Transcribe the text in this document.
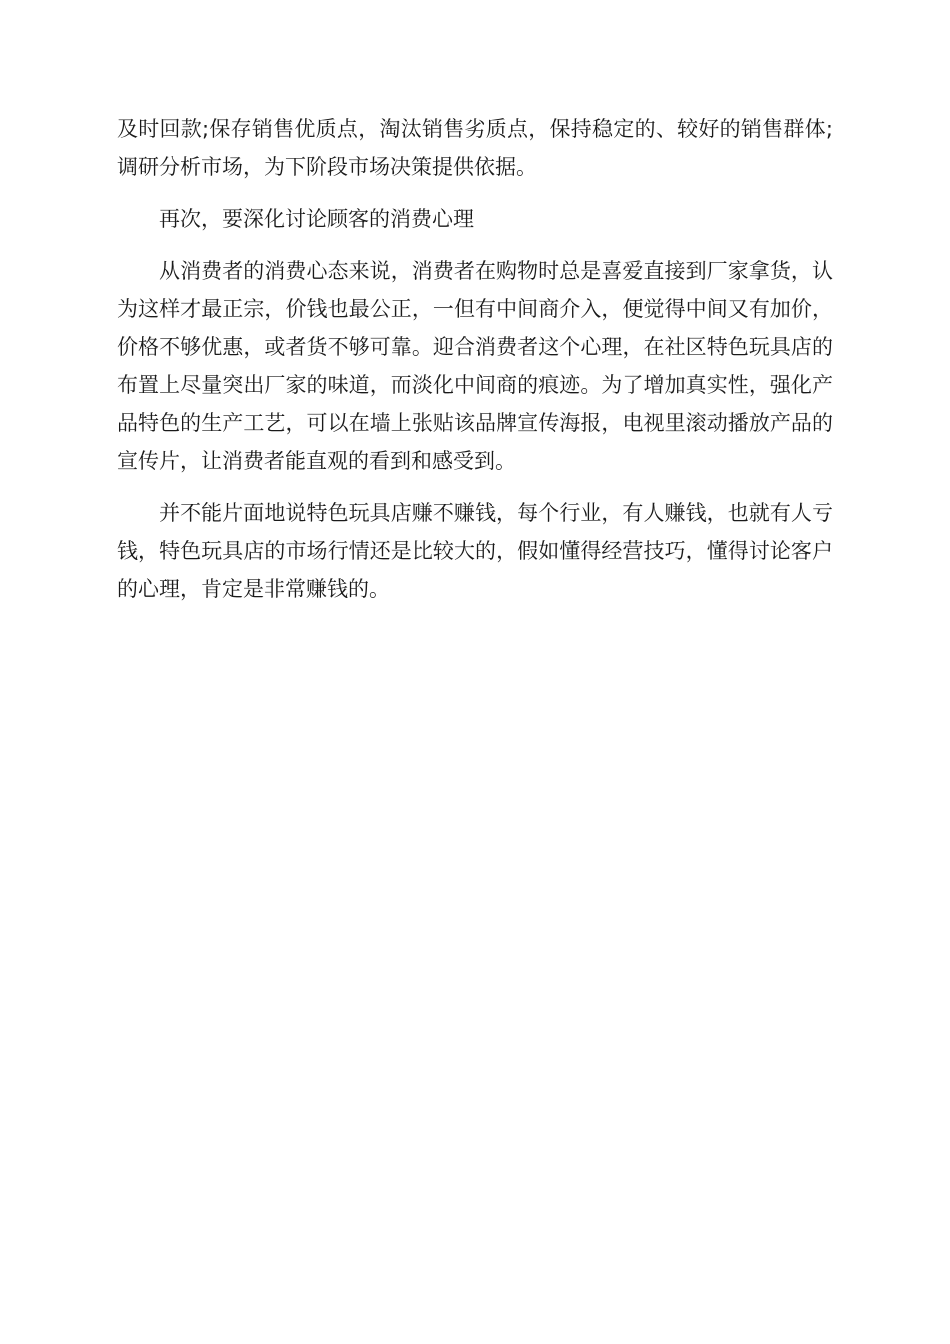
及时回款;保存销售优质点，淘汰销售劣质点，保持稳定的、较好的销售群体;调研分析市场，为下阶段市场决策提供依据。

再次，要深化讨论顾客的消费心理

从消费者的消费心态来说，消费者在购物时总是喜爱直接到厂家拿货，认为这样才最正宗，价钱也最公正，一但有中间商介入，便觉得中间又有加价，价格不够优惠，或者货不够可靠。迎合消费者这个心理，在社区特色玩具店的布置上尽量突出厂家的味道，而淡化中间商的痕迹。为了增加真实性，强化产品特色的生产工艺，可以在墙上张贴该品牌宣传海报，电视里滚动播放产品的宣传片，让消费者能直观的看到和感受到。

并不能片面地说特色玩具店赚不赚钱，每个行业，有人赚钱，也就有人亏钱，特色玩具店的市场行情还是比较大的，假如懂得经营技巧，懂得讨论客户的心理，肯定是非常赚钱的。
